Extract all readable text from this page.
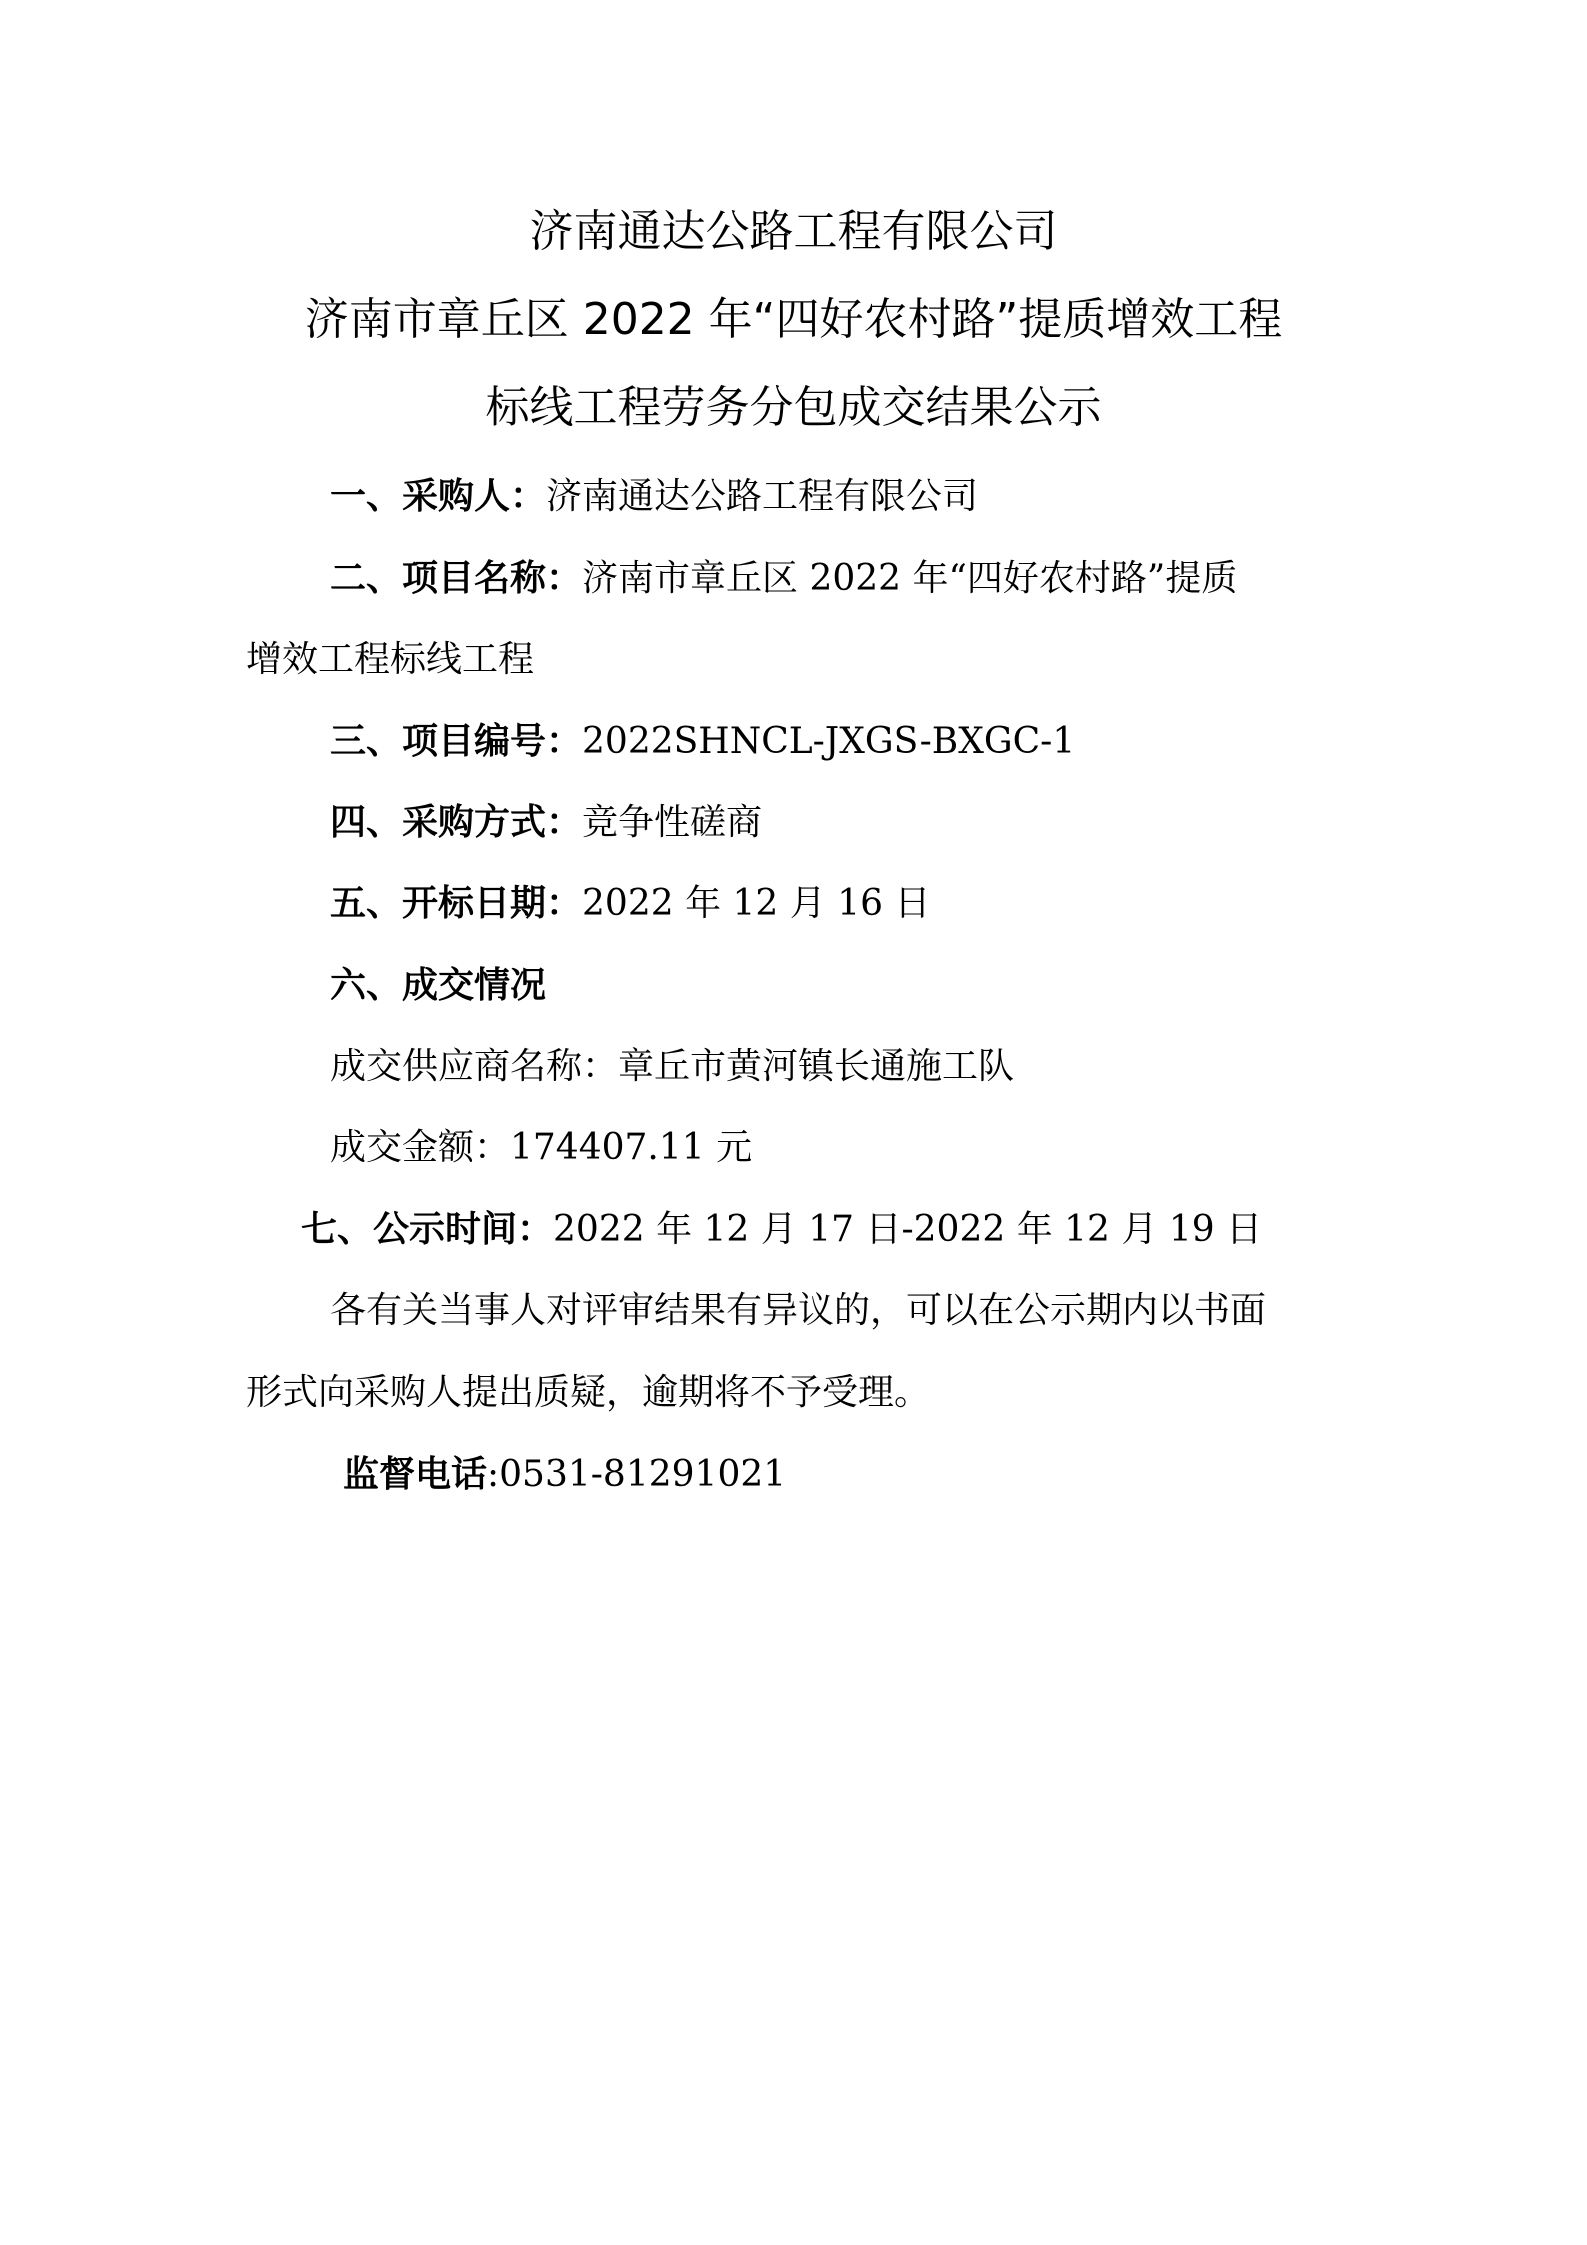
济南通达公路工程有限公司
济南市章丘区 2022 年“四好农村路”提质增效工程
标线工程劳务分包成交结果公示
一、采购人：济南通达公路工程有限公司
二、项目名称：济南市章丘区 2022 年“四好农村路”提质
增效工程标线工程
三、项目编号：2022SHNCL-JXGS-BXGC-1
四、采购方式：竞争性磋商
五、开标日期：2022 年 12 月 16 日
六、成交情况
成交供应商名称：章丘市黄河镇长通施工队
成交金额：174407.11 元
七、公示时间：2022 年 12 月 17 日-2022 年 12 月 19 日
各有关当事人对评审结果有异议的，可以在公示期内以书面
形式向采购人提出质疑，逾期将不予受理。
监督电话:0531-81291021
